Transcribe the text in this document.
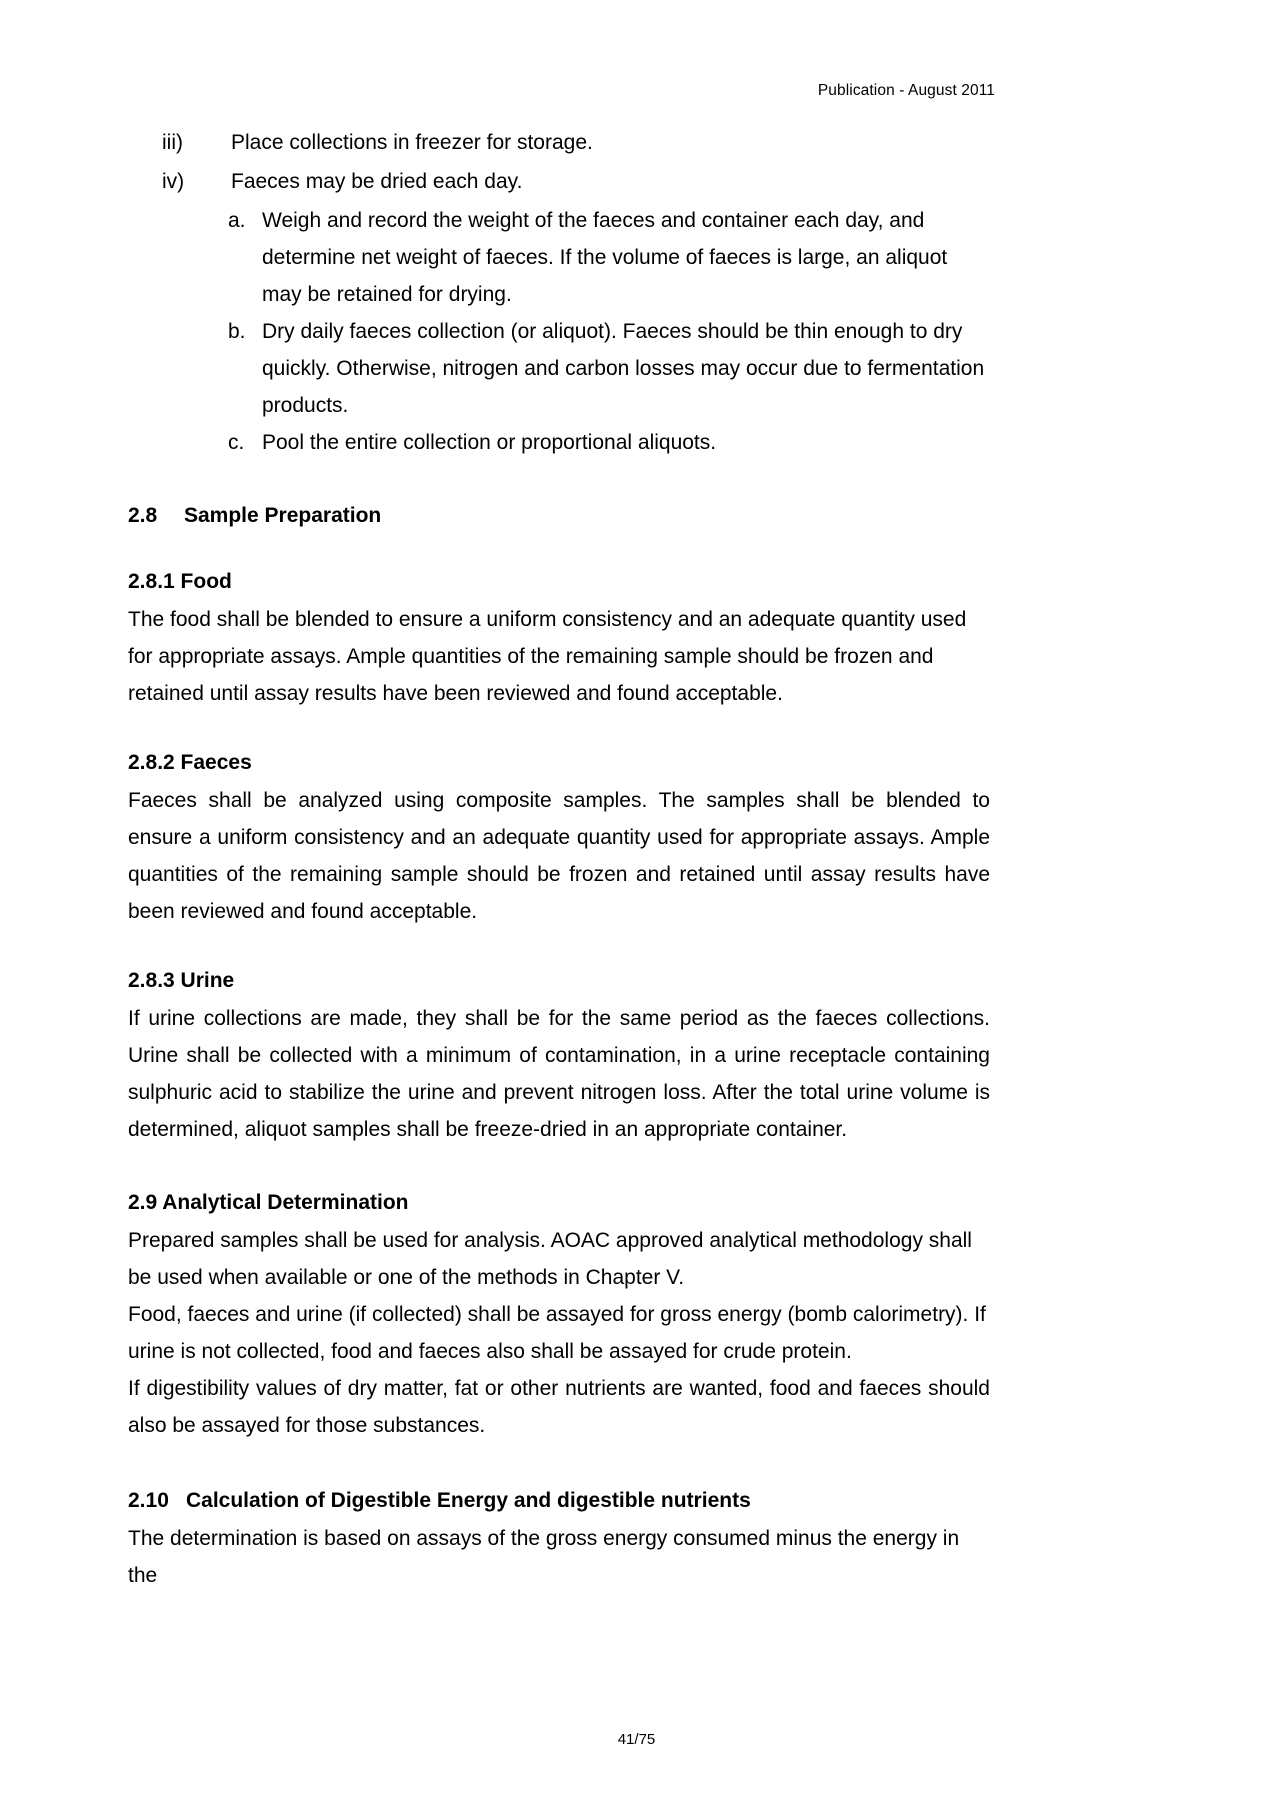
Publication - August 2011
iii)	Place collections in freezer for storage.
iv)	Faeces may be dried each day.
a. Weigh and record the weight of the faeces and container each day, and determine net weight of faeces. If the volume of faeces is large, an aliquot may be retained for drying.
b. Dry daily faeces collection (or aliquot). Faeces should be thin enough to dry quickly. Otherwise, nitrogen and carbon losses may occur due to fermentation products.
c. Pool the entire collection or proportional aliquots.
2.8 Sample Preparation
2.8.1 Food

The food shall be blended to ensure a uniform consistency and an adequate quantity used for appropriate assays. Ample quantities of the remaining sample should be frozen and retained until assay results have been reviewed and found acceptable.

2.8.2 Faeces

Faeces shall be analyzed using composite samples. The samples shall be blended to ensure a uniform consistency and an adequate quantity used for appropriate assays. Ample quantities of the remaining sample should be frozen and retained until assay results have been reviewed and found acceptable.

2.8.3 Urine

If urine collections are made, they shall be for the same period as the faeces collections. Urine shall be collected with a minimum of contamination, in a urine receptacle containing sulphuric acid to stabilize the urine and prevent nitrogen loss. After the total urine volume is determined, aliquot samples shall be freeze-dried in an appropriate container.

2.9 Analytical Determination

Prepared samples shall be used for analysis. AOAC approved analytical methodology shall be used when available or one of the methods in Chapter V.

Food, faeces and urine (if collected) shall be assayed for gross energy (bomb calorimetry). If urine is not collected, food and faeces also shall be assayed for crude protein.

If digestibility values of dry matter, fat or other nutrients are wanted, food and faeces should also be assayed for those substances.

2.10 Calculation of Digestible Energy and digestible nutrients

The determination is based on assays of the gross energy consumed minus the energy in the

41/75
